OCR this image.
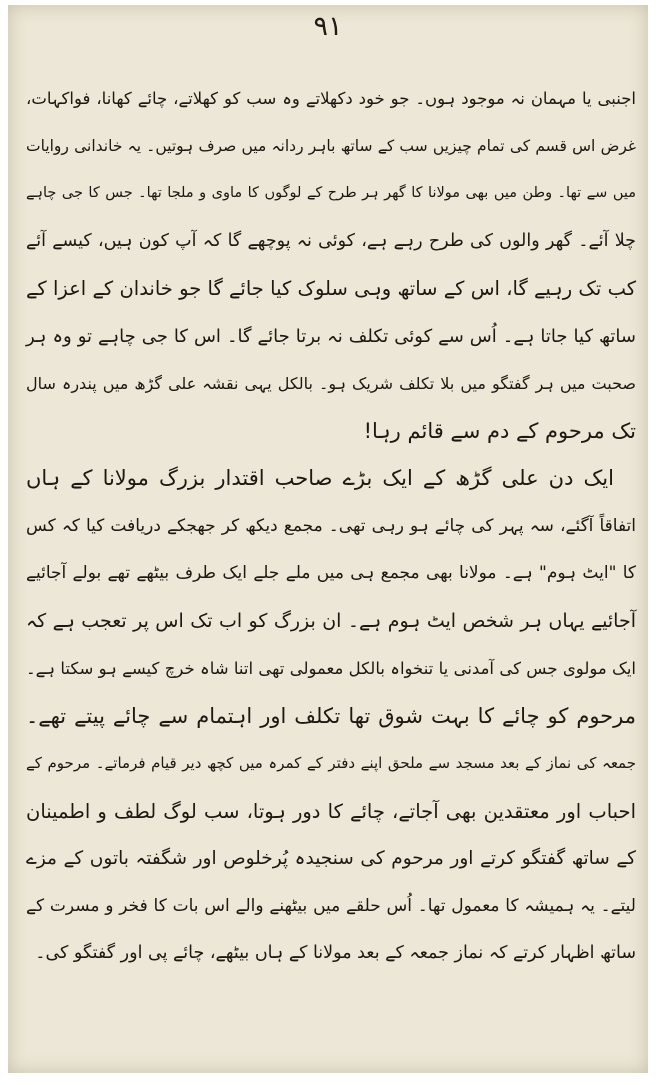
۹۱
اجنبی یا مہمان نہ موجود ہوں۔ جو خود دکھلاتے وہ سب کو کھلاتے، چائے کھانا، فواکہات،
غرض اس قسم کی تمام چیزیں سب کے ساتھ باہر ردانہ میں صرف ہوتیں۔ یہ خاندانی روایات
میں سے تھا۔ وطن میں بھی مولانا کا گھر ہر طرح کے لوگوں کا ماوی و ملجا تھا۔ جس کا جی چاہے
چلا آئے۔ گھر والوں کی طرح رہے ہے، کوئی نہ پوچھے گا کہ آپ کون ہیں، کیسے آئے
کب تک رہیے گا، اس کے ساتھ وہی سلوک کیا جائے گا جو خاندان کے اعزا کے
ساتھ کیا جاتا ہے۔ اُس سے کوئی تکلف نہ برتا جائے گا۔ اس کا جی چاہے تو وہ ہر
صحبت میں ہر گفتگو میں بلا تکلف شریک ہو۔ بالکل یہی نقشہ علی گڑھ میں پندرہ سال
تک مرحوم کے دم سے قائم رہا!
ایک دن علی گڑھ کے ایک بڑے صاحب اقتدار بزرگ مولانا کے ہاں
اتفاقاً آگئے، سہ پہر کی چائے ہو رہی تھی۔ مجمع دیکھ کر جھجکے دریافت کیا کہ کس
کا "ایٹ ہوم" ہے۔ مولانا بھی مجمع ہی میں ملے جلے ایک طرف بیٹھے تھے بولے آجائیے
آجائیے یہاں ہر شخص ایٹ ہوم ہے۔ ان بزرگ کو اب تک اس پر تعجب ہے کہ
ایک مولوی جس کی آمدنی یا تنخواہ بالکل معمولی تھی اتنا شاہ خرچ کیسے ہو سکتا ہے۔
مرحوم کو چائے کا بہت شوق تھا تکلف اور اہتمام سے چائے پیتے تھے۔
جمعہ کی نماز کے بعد مسجد سے ملحق اپنے دفتر کے کمرہ میں کچھ دیر قیام فرماتے۔ مرحوم کے
احباب اور معتقدین بھی آجاتے، چائے کا دور ہوتا، سب لوگ لطف و اطمینان
کے ساتھ گفتگو کرتے اور مرحوم کی سنجیدہ پُرخلوص اور شگفتہ باتوں کے مزے
لیتے۔ یہ ہمیشہ کا معمول تھا۔ اُس حلقے میں بیٹھنے والے اس بات کا فخر و مسرت کے
ساتھ اظہار کرتے کہ نماز جمعہ کے بعد مولانا کے ہاں بیٹھے، چائے پی اور گفتگو کی۔
